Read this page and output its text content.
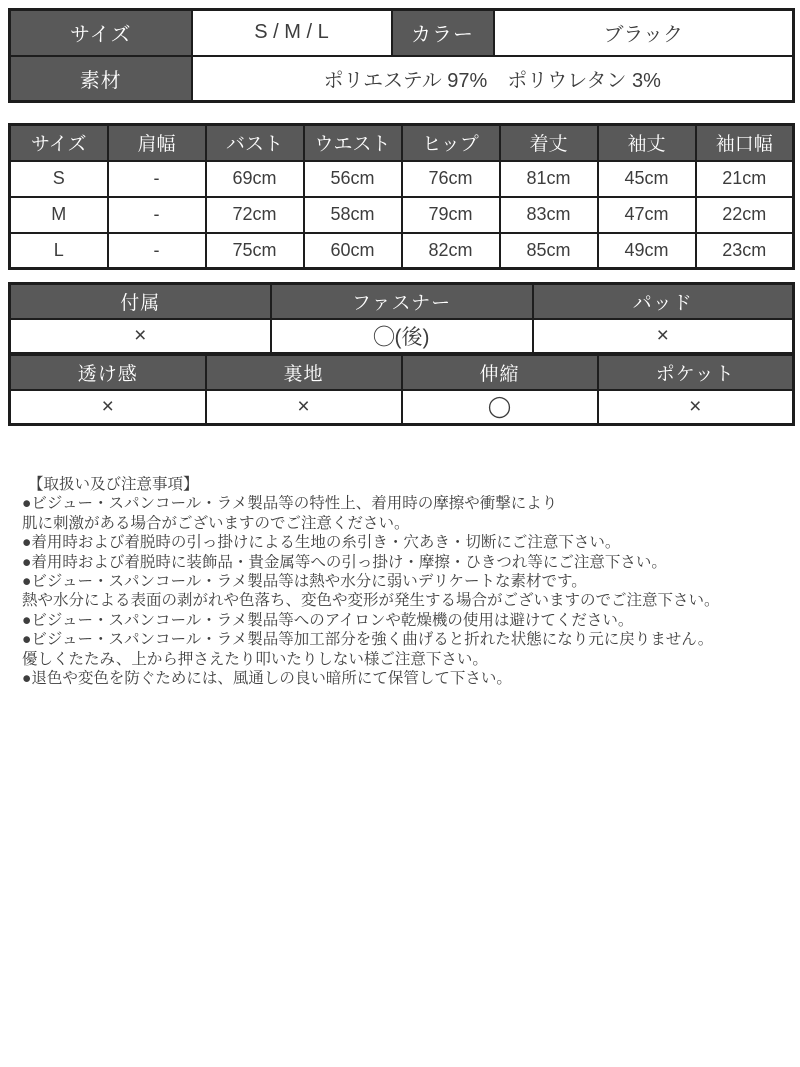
サイズ	S / M / L	カラー	ブラック
素材	ポリエステル 97%　ポリウレタン 3%		
サイズ	肩幅	バスト	ウエスト	ヒップ	着丈	袖丈	袖口幅
S	-	69cm	56cm	76cm	81cm	45cm	21cm
M	-	72cm	58cm	79cm	83cm	47cm	22cm
L	-	75cm	60cm	82cm	85cm	49cm	23cm
付属	ファスナー	パッド
×	◯(後)	×
透け感	裏地	伸縮	ポケット
×	×	◯	×
【取扱い及び注意事項】
●ビジュー・スパンコール・ラメ製品等の特性上、着用時の摩擦や衝撃により
肌に刺激がある場合がございますのでご注意ください。
●着用時および着脱時の引っ掛けによる生地の糸引き・穴あき・切断にご注意下さい。
●着用時および着脱時に装飾品・貴金属等への引っ掛け・摩擦・ひきつれ等にご注意下さい。
●ビジュー・スパンコール・ラメ製品等は熱や水分に弱いデリケートな素材です。
熱や水分による表面の剥がれや色落ち、変色や変形が発生する場合がございますのでご注意下さい。
●ビジュー・スパンコール・ラメ製品等へのアイロンや乾燥機の使用は避けてください。
●ビジュー・スパンコール・ラメ製品等加工部分を強く曲げると折れた状態になり元に戻りません。
優しくたたみ、上から押さえたり叩いたりしない様ご注意下さい。
●退色や変色を防ぐためには、風通しの良い暗所にて保管して下さい。
